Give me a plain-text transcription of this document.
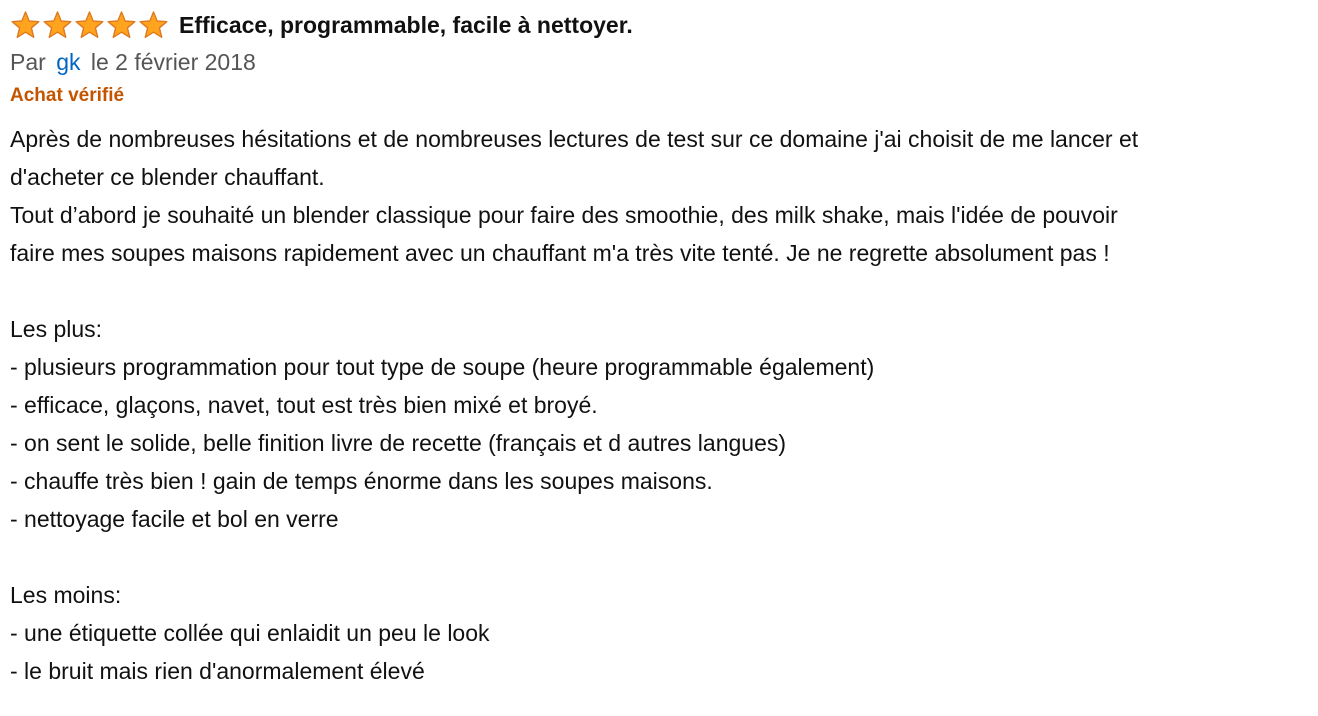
Efficace, programmable, facile à nettoyer.
Par gk le 2 février 2018
Achat vérifié

Après de nombreuses hésitations et de nombreuses lectures de test sur ce domaine j'ai choisit de me lancer et

d'acheter ce blender chauffant.

Tout d’abord je souhaité un blender classique pour faire des smoothie, des milk shake, mais l'idée de pouvoir

faire mes soupes maisons rapidement avec un chauffant m'a très vite tenté. Je ne regrette absolument pas !

Les plus:

- plusieurs programmation pour tout type de soupe (heure programmable également)

- efficace, glaçons, navet, tout est très bien mixé et broyé.

- on sent le solide, belle finition livre de recette (français et d autres langues)

- chauffe très bien ! gain de temps énorme dans les soupes maisons.

- nettoyage facile et bol en verre

Les moins:

- une étiquette collée qui enlaidit un peu le look

- le bruit mais rien d'anormalement élevé
